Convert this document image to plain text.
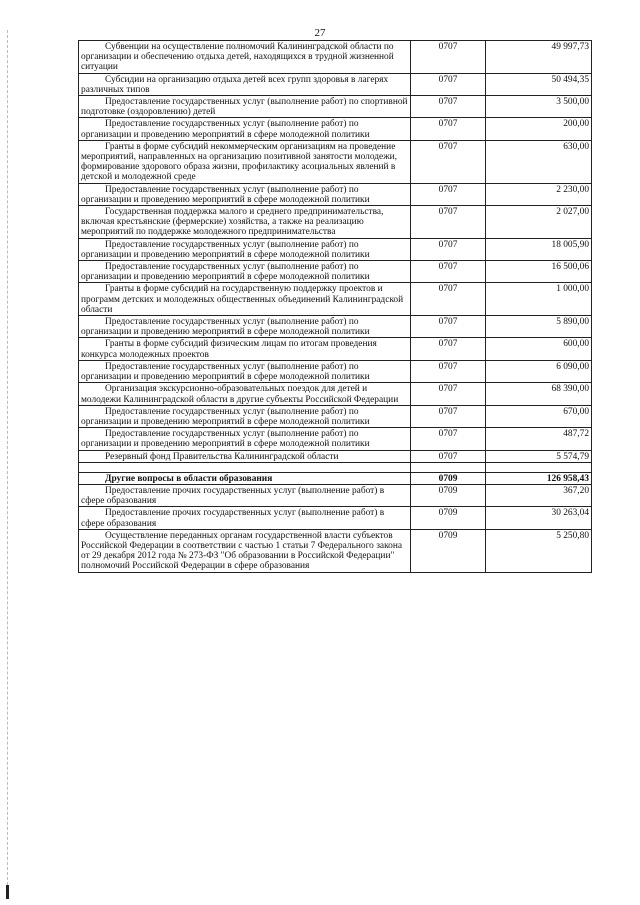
27
Субвенции на осуществление полномочий Калининградской области по организации и обеспечению отдыха детей, находящихся в трудной жизненной ситуации	0707	49 997,73
Субсидии на организацию отдыха детей всех групп здоровья в лагерях различных типов	0707	50 494,35
Предоставление государственных услуг (выполнение работ) по спортивной подготовке (оздоровлению) детей	0707	3 500,00
Предоставление государственных услуг (выполнение работ) по организации и проведению мероприятий в сфере молодежной политики	0707	200,00
Гранты в форме субсидий некоммерческим организациям на проведение мероприятий, направленных на организацию позитивной занятости молодежи, формирование здорового образа жизни, профилактику асоциальных явлений в детской и молодежной среде	0707	630,00
Предоставление государственных услуг (выполнение работ) по организации и проведению мероприятий в сфере молодежной политики	0707	2 230,00
Государственная поддержка малого и среднего предпринимательства, включая крестьянские (фермерские) хозяйства, а также на реализацию мероприятий по поддержке молодежного предпринимательства	0707	2 027,00
Предоставление государственных услуг (выполнение работ) по организации и проведению мероприятий в сфере молодежной политики	0707	18 005,90
Предоставление государственных услуг (выполнение работ) по организации и проведению мероприятий в сфере молодежной политики	0707	16 500,06
Гранты в форме субсидий на государственную поддержку проектов и программ детских и молодежных общественных объединений Калининградской области	0707	1 000,00
Предоставление государственных услуг (выполнение работ) по организации и проведению мероприятий в сфере молодежной политики	0707	5 890,00
Гранты в форме субсидий физическим лицам по итогам проведения конкурса молодежных проектов	0707	600,00
Предоставление государственных услуг (выполнение работ) по организации и проведению мероприятий в сфере молодежной политики	0707	6 090,00
Организация экскурсионно-образовательных поездок для детей и молодежи Калининградской области в другие субъекты Российской Федерации	0707	68 390,00
Предоставление государственных услуг (выполнение работ) по организации и проведению мероприятий в сфере молодежной политики	0707	670,00
Предоставление государственных услуг (выполнение работ) по организации и проведению мероприятий в сфере молодежной политики	0707	487,72
Резервный фонд Правительства Калининградской области	0707	5 574,79

Другие вопросы в области образования	0709	126 958,43
Предоставление прочих государственных услуг (выполнение работ) в сфере образования	0709	367,20
Предоставление прочих государственных услуг (выполнение работ) в сфере образования	0709	30 263,04
Осуществление переданных органам государственной власти субъектов Российской Федерации в соответствии с частью 1 статьи 7 Федерального закона от 29 декабря 2012 года № 273-ФЗ "Об образовании в Российской Федерации" полномочий Российской Федерации в сфере образования	0709	5 250,80
